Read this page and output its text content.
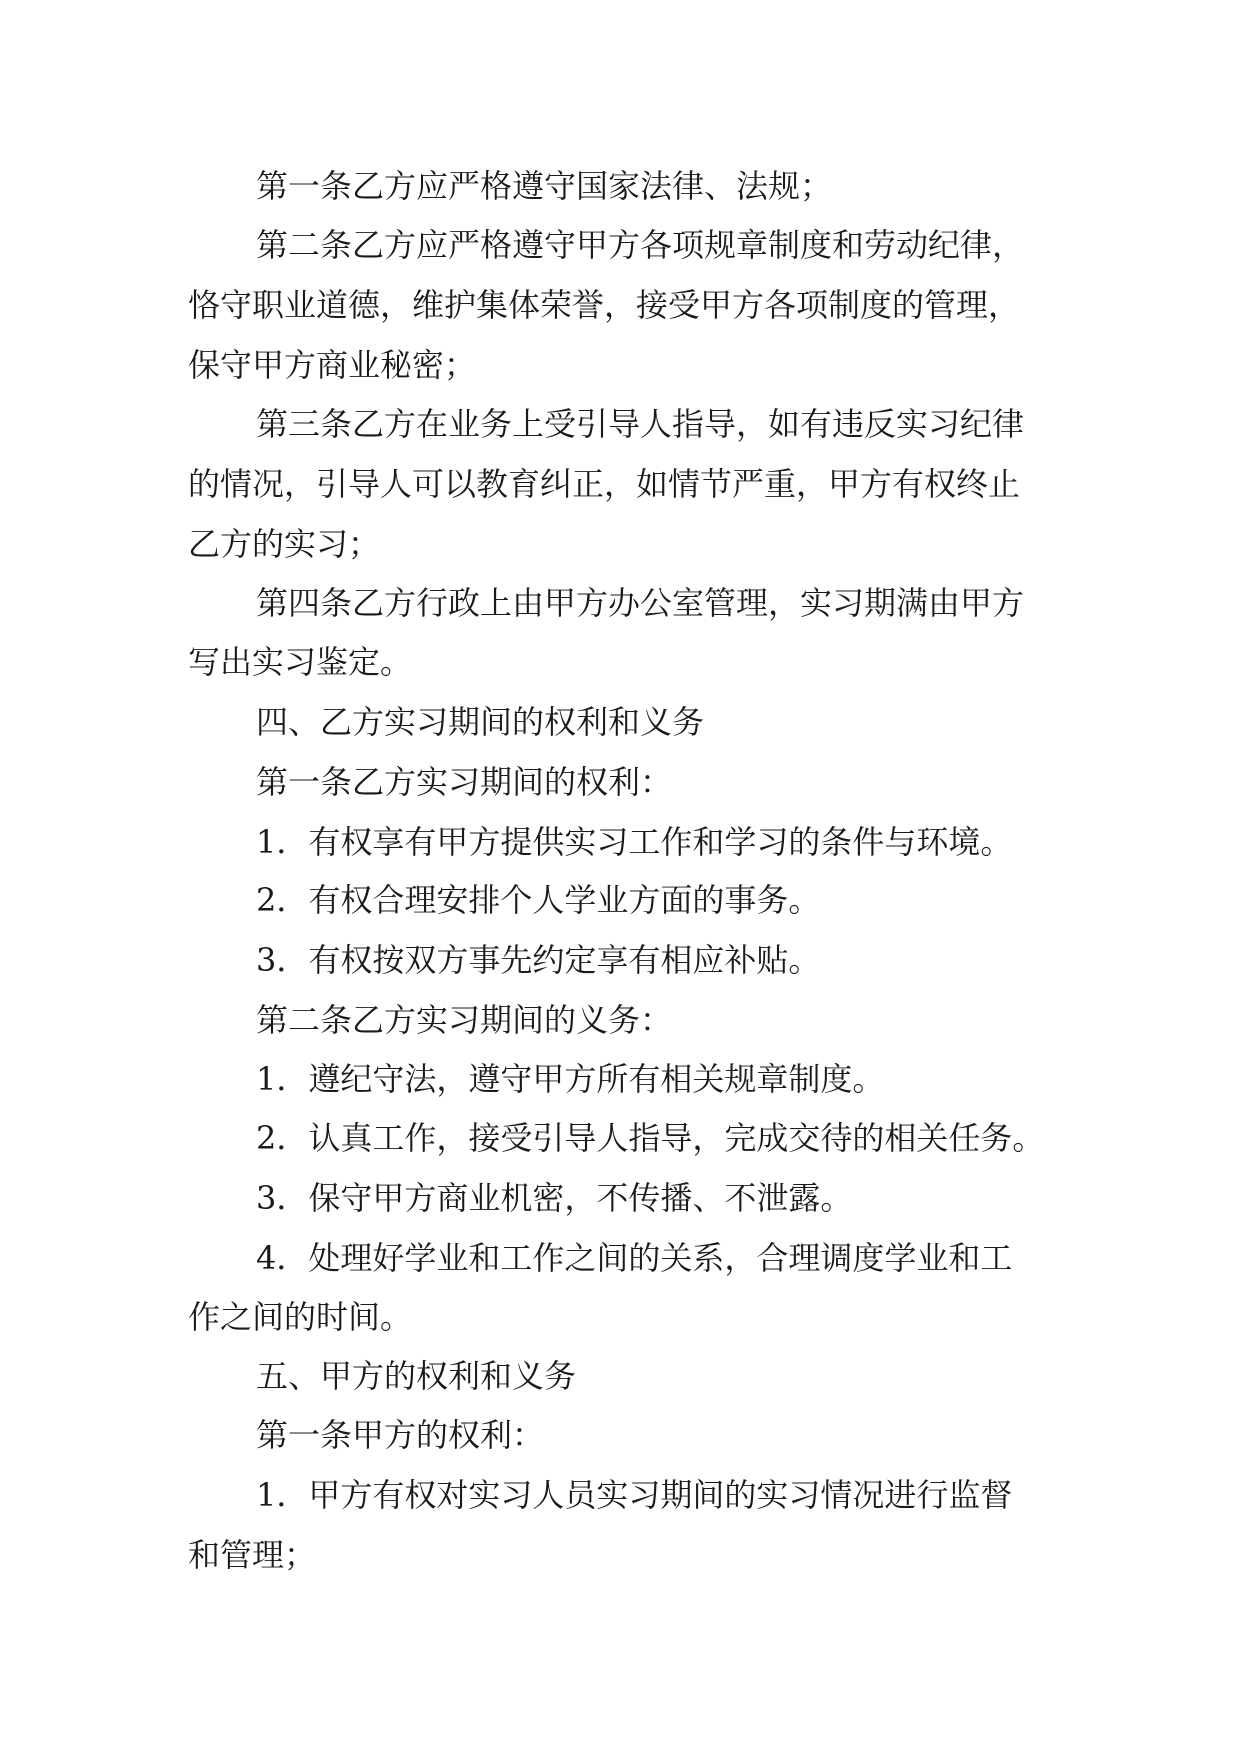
第一条乙方应严格遵守国家法律、法规；

第二条乙方应严格遵守甲方各项规章制度和劳动纪律，

恪守职业道德，维护集体荣誉，接受甲方各项制度的管理，

保守甲方商业秘密；

第三条乙方在业务上受引导人指导，如有违反实习纪律

的情况，引导人可以教育纠正，如情节严重，甲方有权终止

乙方的实习；

第四条乙方行政上由甲方办公室管理，实习期满由甲方

写出实习鉴定。

四、乙方实习期间的权利和义务

第一条乙方实习期间的权利：

1．有权享有甲方提供实习工作和学习的条件与环境。

2．有权合理安排个人学业方面的事务。

3．有权按双方事先约定享有相应补贴。

第二条乙方实习期间的义务：

1．遵纪守法，遵守甲方所有相关规章制度。

2．认真工作，接受引导人指导，完成交待的相关任务。

3．保守甲方商业机密，不传播、不泄露。

4．处理好学业和工作之间的关系，合理调度学业和工

作之间的时间。

五、甲方的权利和义务

第一条甲方的权利：

1．甲方有权对实习人员实习期间的实习情况进行监督

和管理；
